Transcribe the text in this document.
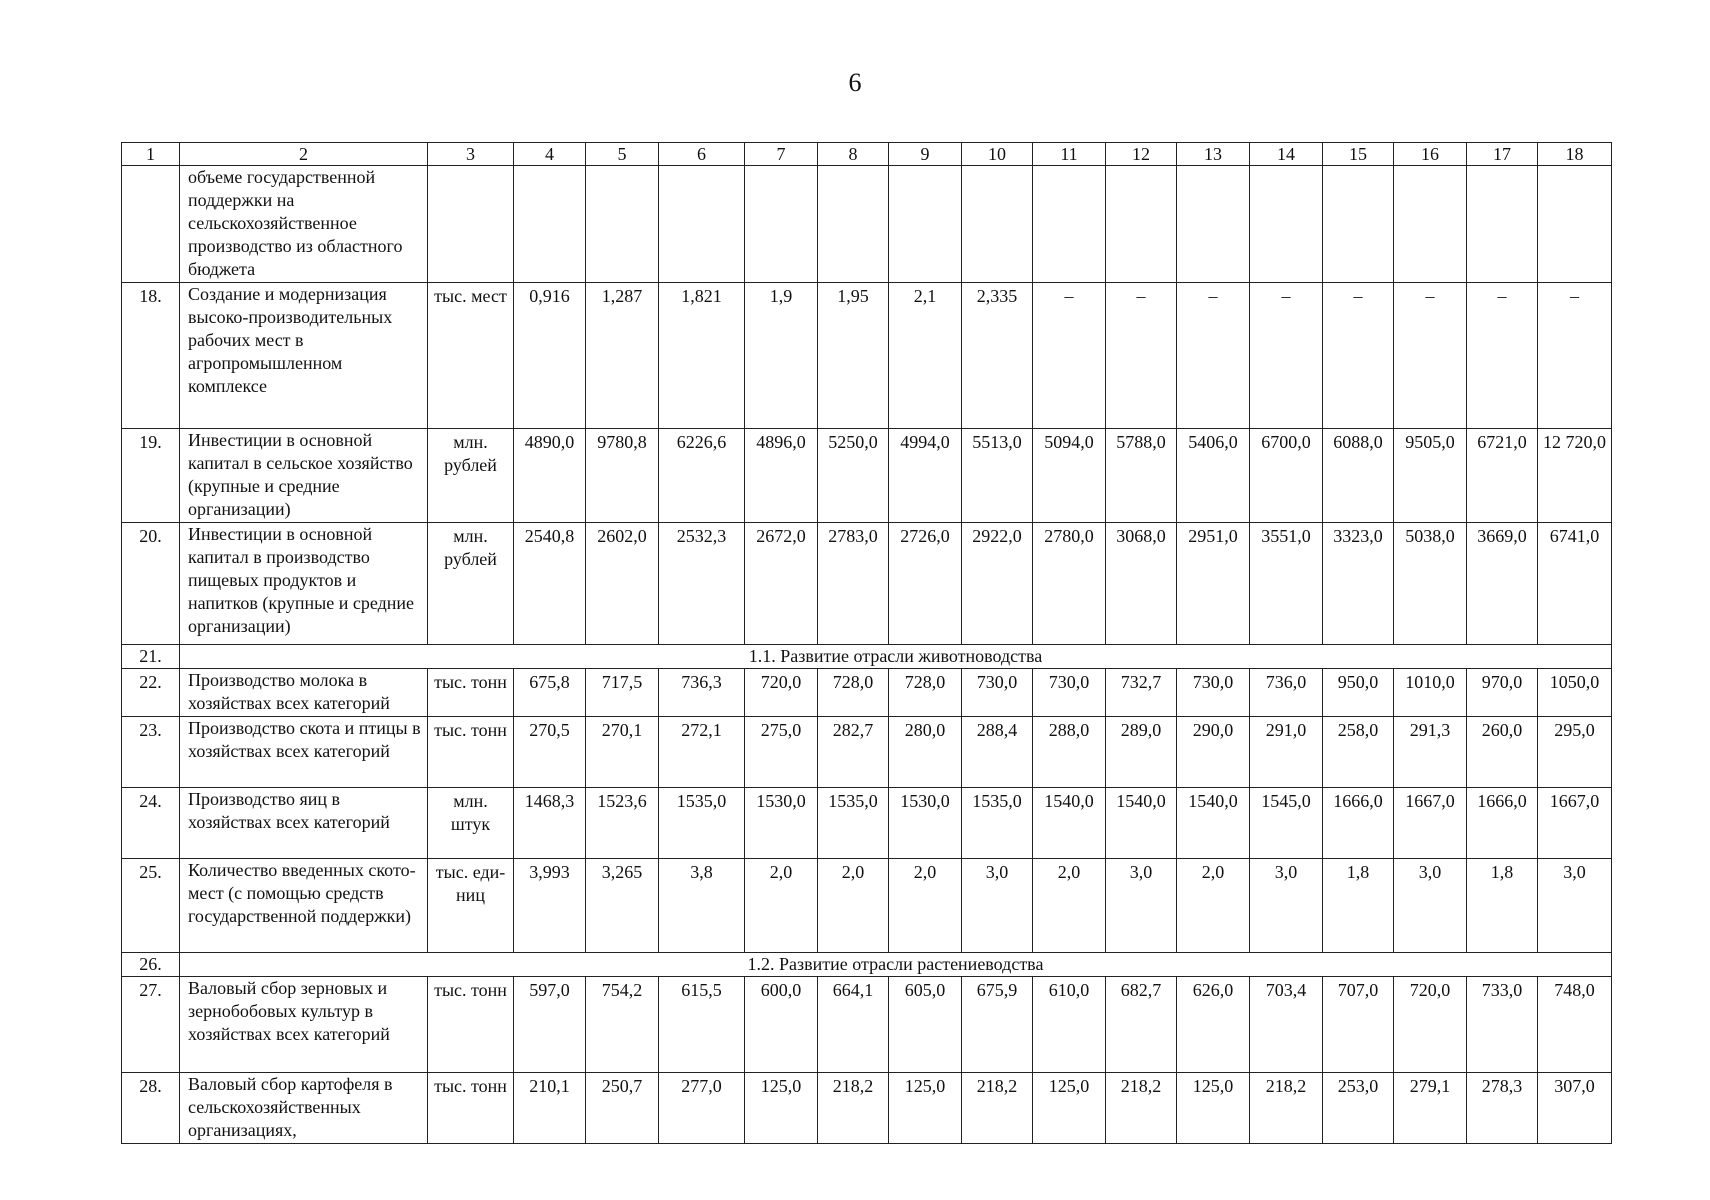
6
1	2	3	4	5	6	7	8	9	10	11	12	13	14	15	16	17	18
	объеме государственной поддержки на сельскохозяйственное производство из областного бюджета																
18.	Создание и модернизация высоко-производительных рабочих мест в агропромышленном комплексе	тыс. мест	0,916	1,287	1,821	1,9	1,95	2,1	2,335	–	–	–	–	–	–	–	–
19.	Инвестиции в основной капитал в сельское хозяйство (крупные и средние организации)	млн. рублей	4890,0	9780,8	6226,6	4896,0	5250,0	4994,0	5513,0	5094,0	5788,0	5406,0	6700,0	6088,0	9505,0	6721,0	12 720,0
20.	Инвестиции в основной капитал в производство пищевых продуктов и напитков (крупные и средние организации)	млн. рублей	2540,8	2602,0	2532,3	2672,0	2783,0	2726,0	2922,0	2780,0	3068,0	2951,0	3551,0	3323,0	5038,0	3669,0	6741,0
21.	1.1. Развитие отрасли животноводства																
22.	Производство молока в хозяйствах всех категорий	тыс. тонн	675,8	717,5	736,3	720,0	728,0	728,0	730,0	730,0	732,7	730,0	736,0	950,0	1010,0	970,0	1050,0
23.	Производство скота и птицы в хозяйствах всех категорий	тыс. тонн	270,5	270,1	272,1	275,0	282,7	280,0	288,4	288,0	289,0	290,0	291,0	258,0	291,3	260,0	295,0
24.	Производство яиц в хозяйствах всех категорий	млн. штук	1468,3	1523,6	1535,0	1530,0	1535,0	1530,0	1535,0	1540,0	1540,0	1540,0	1545,0	1666,0	1667,0	1666,0	1667,0
25.	Количество введенных ското-мест (с помощью средств государственной поддержки)	тыс. еди-ниц	3,993	3,265	3,8	2,0	2,0	2,0	3,0	2,0	3,0	2,0	3,0	1,8	3,0	1,8	3,0
26.	1.2. Развитие отрасли растениеводства																
27.	Валовый сбор зерновых и зернобобовых культур в хозяйствах всех категорий	тыс. тонн	597,0	754,2	615,5	600,0	664,1	605,0	675,9	610,0	682,7	626,0	703,4	707,0	720,0	733,0	748,0
28.	Валовый сбор картофеля в сельскохозяйственных организациях,	тыс. тонн	210,1	250,7	277,0	125,0	218,2	125,0	218,2	125,0	218,2	125,0	218,2	253,0	279,1	278,3	307,0
